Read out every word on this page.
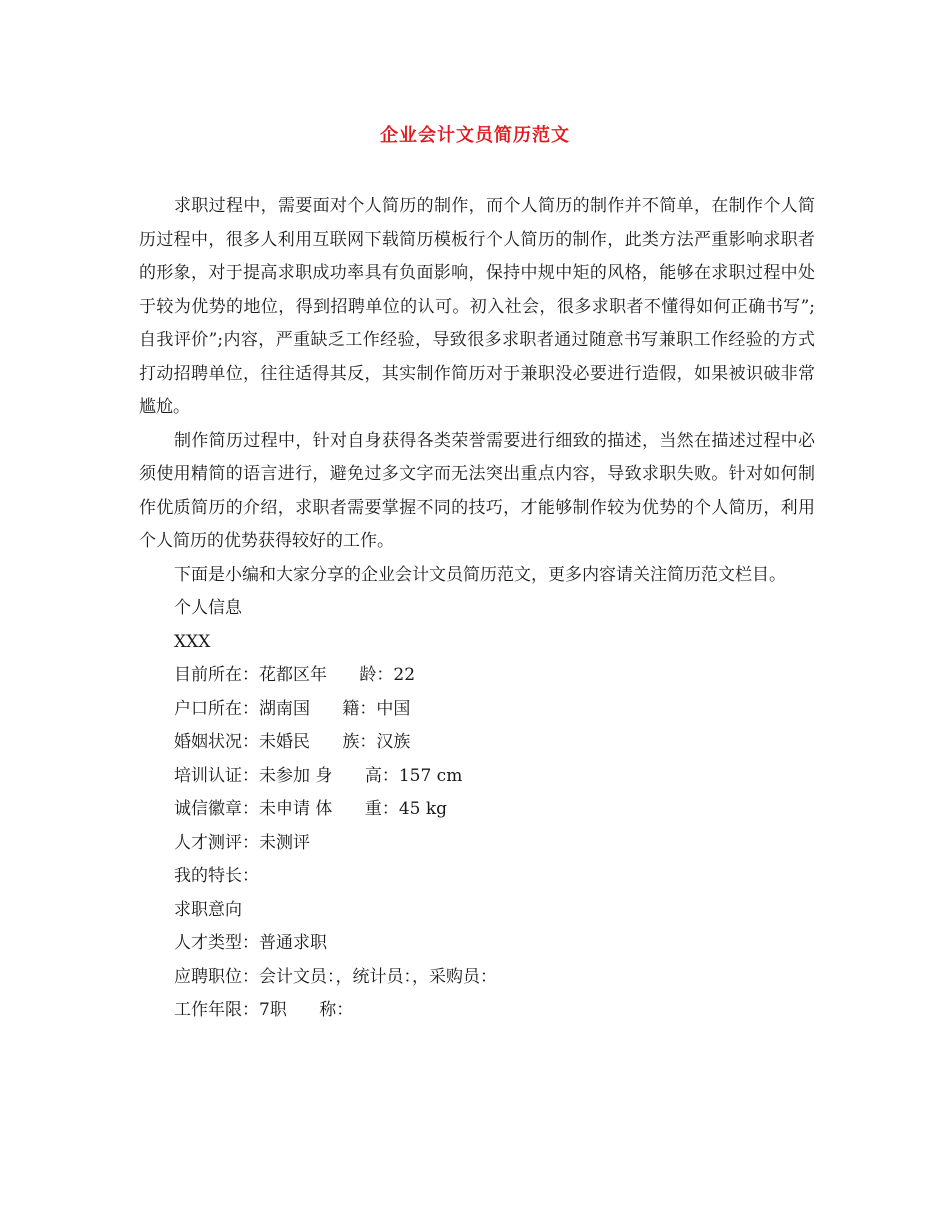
企业会计文员简历范文

求职过程中，需要面对个人简历的制作，而个人简历的制作并不简单，在制作个人简历过程中，很多人利用互联网下载简历模板行个人简历的制作，此类方法严重影响求职者的形象，对于提高求职成功率具有负面影响，保持中规中矩的风格，能够在求职过程中处于较为优势的地位，得到招聘单位的认可。初入社会，很多求职者不懂得如何正确书写”;自我评价”;内容，严重缺乏工作经验，导致很多求职者通过随意书写兼职工作经验的方式打动招聘单位，往往适得其反，其实制作简历对于兼职没必要进行造假，如果被识破非常尴尬。

制作简历过程中，针对自身获得各类荣誉需要进行细致的描述，当然在描述过程中必须使用精简的语言进行，避免过多文字而无法突出重点内容，导致求职失败。针对如何制作优质简历的介绍，求职者需要掌握不同的技巧，才能够制作较为优势的个人简历，利用个人简历的优势获得较好的工作。

下面是小编和大家分享的企业会计文员简历范文，更多内容请关注简历范文栏目。

个人信息

XXX

目前所在：花都区年      龄：22

户口所在：湖南国      籍：中国

婚姻状况：未婚民      族：汉族

培训认证：未参加 身      高：157 cm

诚信徽章：未申请 体      重：45 kg

人才测评：未测评

我的特长：

求职意向

人才类型：普通求职

应聘职位：会计文员：，统计员：，采购员：

工作年限：7职      称：
